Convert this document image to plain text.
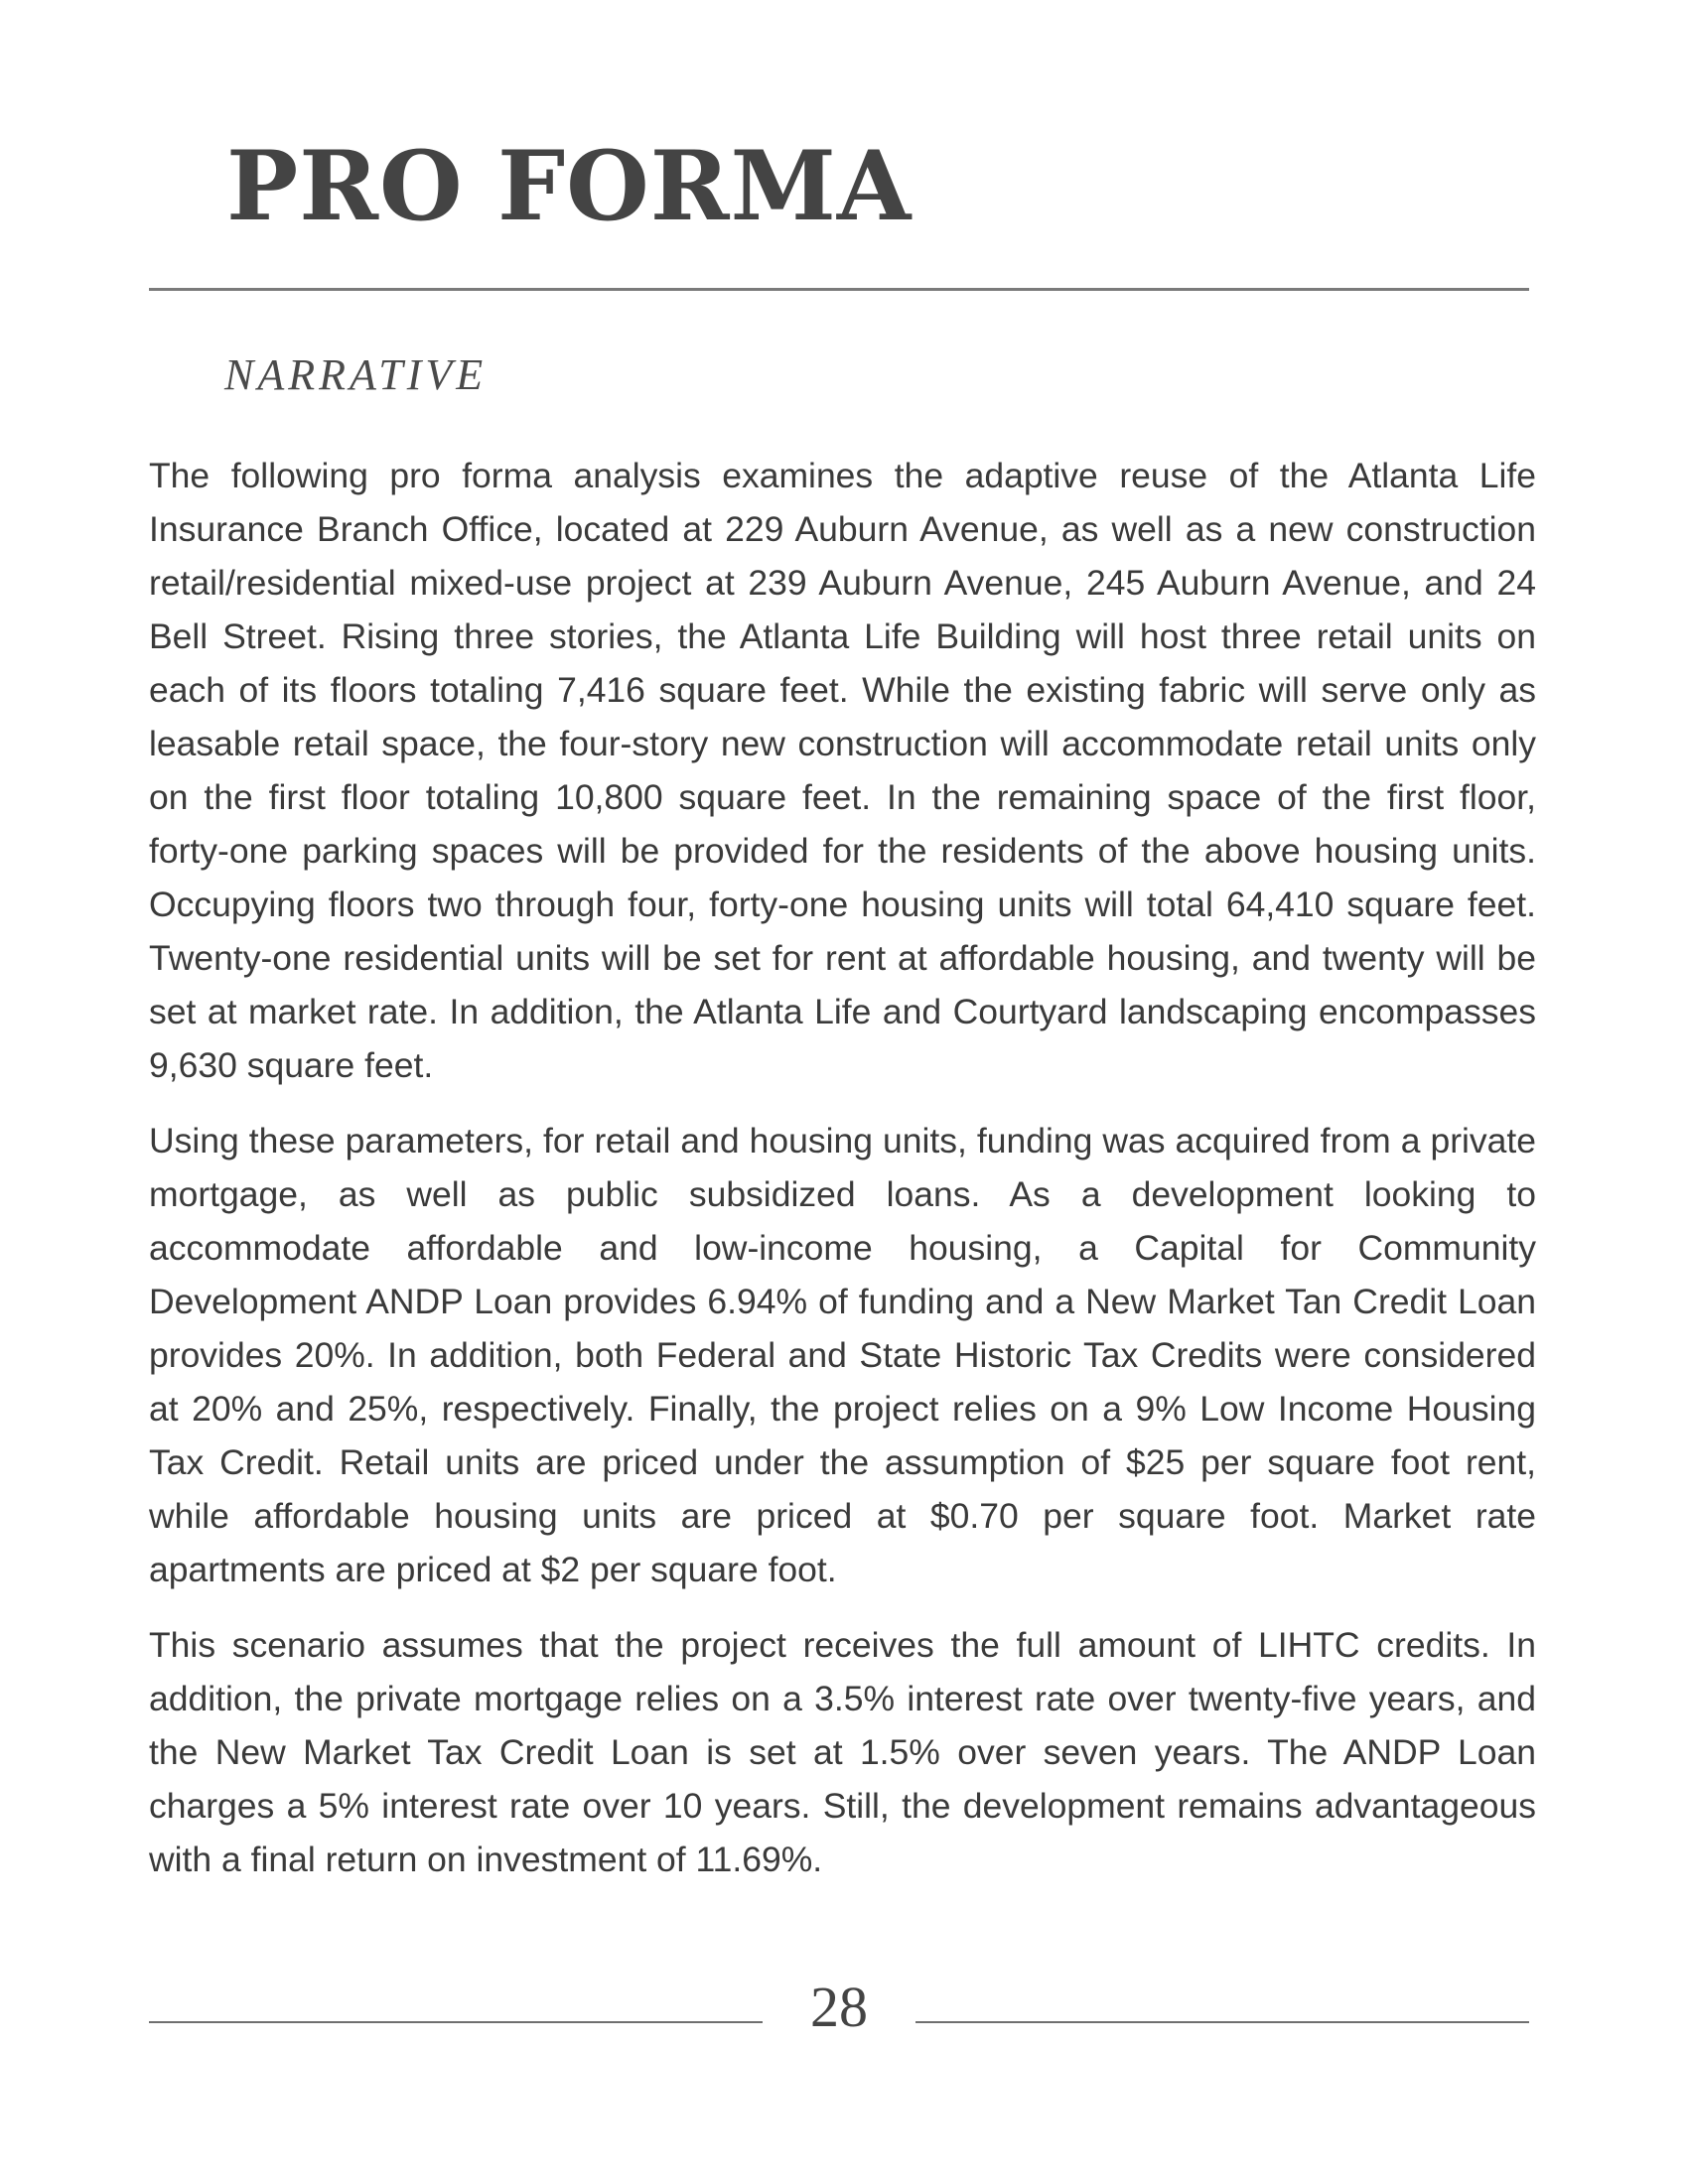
PRO FORMA
NARRATIVE

The following pro forma analysis examines the adaptive reuse of the Atlanta Life Insurance Branch Office, located at 229 Auburn Avenue, as well as a new construction retail/residential mixed-use project at 239 Auburn Avenue, 245 Auburn Avenue, and 24 Bell Street. Rising three stories, the Atlanta Life Building will host three retail units on each of its floors totaling 7,416 square feet. While the existing fabric will serve only as leasable retail space, the four-story new construction will accommodate retail units only on the first floor totaling 10,800 square feet. In the remaining space of the first floor, forty-one parking spaces will be provided for the residents of the above housing units. Occupying floors two through four, forty-one housing units will total 64,410 square feet. Twenty-one residential units will be set for rent at affordable housing, and twenty will be set at market rate. In addition, the Atlanta Life and Courtyard landscaping encompasses 9,630 square feet.

Using these parameters, for retail and housing units, funding was acquired from a private mortgage, as well as public subsidized loans. As a development looking to accommodate affordable and low-income housing, a Capital for Community Development ANDP Loan provides 6.94% of funding and a New Market Tan Credit Loan provides 20%. In addition, both Federal and State Historic Tax Credits were considered at 20% and 25%, respectively. Finally, the project relies on a 9% Low Income Housing Tax Credit. Retail units are priced under the assumption of $25 per square foot rent, while affordable housing units are priced at $0.70 per square foot. Market rate apartments are priced at $2 per square foot.

This scenario assumes that the project receives the full amount of LIHTC credits. In addition, the private mortgage relies on a 3.5% interest rate over twenty-five years, and the New Market Tax Credit Loan is set at 1.5% over seven years. The ANDP Loan charges a 5% interest rate over 10 years. Still, the development remains advantageous with a final return on investment of 11.69%.

28
